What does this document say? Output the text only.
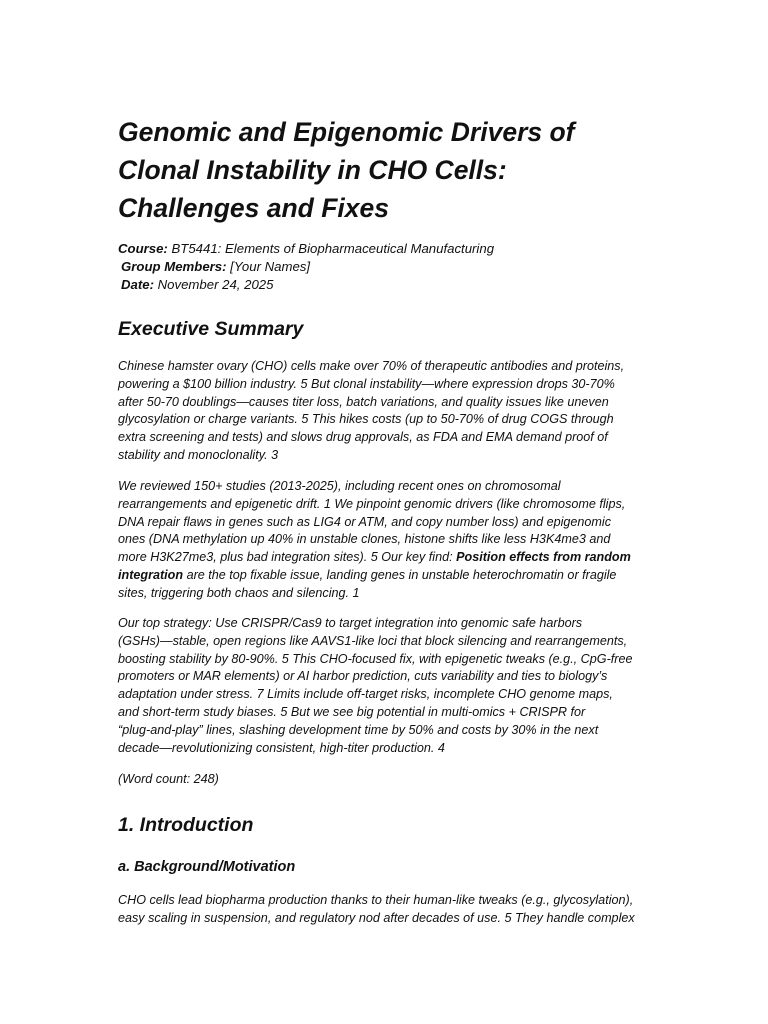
Genomic and Epigenomic Drivers of
Clonal Instability in CHO Cells:
Challenges and Fixes
Course: BT5441: Elements of Biopharmaceutical Manufacturing
Group Members: [Your Names]
Date: November 24, 2025
Executive Summary

Chinese hamster ovary (CHO) cells make over 70% of therapeutic antibodies and proteins,
powering a $100 billion industry. 5 But clonal instability—where expression drops 30-70%
after 50-70 doublings—causes titer loss, batch variations, and quality issues like uneven
glycosylation or charge variants. 5 This hikes costs (up to 50-70% of drug COGS through
extra screening and tests) and slows drug approvals, as FDA and EMA demand proof of
stability and monoclonality. 3

We reviewed 150+ studies (2013-2025), including recent ones on chromosomal
rearrangements and epigenetic drift. 1 We pinpoint genomic drivers (like chromosome flips,
DNA repair flaws in genes such as LIG4 or ATM, and copy number loss) and epigenomic
ones (DNA methylation up 40% in unstable clones, histone shifts like less H3K4me3 and
more H3K27me3, plus bad integration sites). 5 Our key find: Position effects from random
integration are the top fixable issue, landing genes in unstable heterochromatin or fragile
sites, triggering both chaos and silencing. 1

Our top strategy: Use CRISPR/Cas9 to target integration into genomic safe harbors
(GSHs)—stable, open regions like AAVS1-like loci that block silencing and rearrangements,
boosting stability by 80-90%. 5 This CHO-focused fix, with epigenetic tweaks (e.g., CpG-free
promoters or MAR elements) or AI harbor prediction, cuts variability and ties to biology’s
adaptation under stress. 7 Limits include off-target risks, incomplete CHO genome maps,
and short-term study biases. 5 But we see big potential in multi-omics + CRISPR for
“plug-and-play” lines, slashing development time by 50% and costs by 30% in the next
decade—revolutionizing consistent, high-titer production. 4

(Word count: 248)

1. Introduction
a. Background/Motivation

CHO cells lead biopharma production thanks to their human-like tweaks (e.g., glycosylation),
easy scaling in suspension, and regulatory nod after decades of use. 5 They handle complex
